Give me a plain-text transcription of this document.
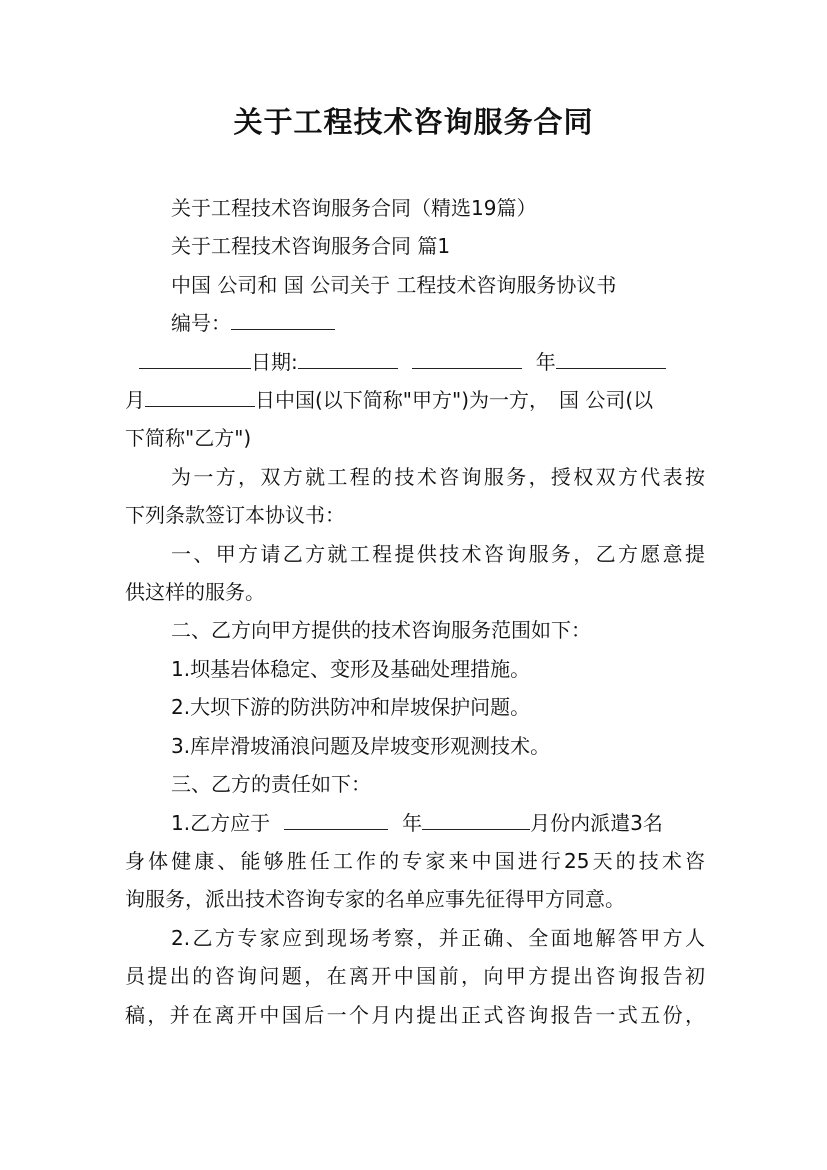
关于工程技术咨询服务合同
关于工程技术咨询服务合同（精选19篇）
关于工程技术咨询服务合同 篇1
中国 公司和 国 公司关于 工程技术咨询服务协议书
编号：
日期:	年
月	日中国(以下简称"甲方")为一方， 国 公司(以
下简称"乙方")
为一方，双方就工程的技术咨询服务，授权双方代表按
下列条款签订本协议书：
一、甲方请乙方就工程提供技术咨询服务，乙方愿意提
供这样的服务。
二、乙方向甲方提供的技术咨询服务范围如下：
1.坝基岩体稳定、变形及基础处理措施。
2.大坝下游的防洪防冲和岸坡保护问题。
3.库岸滑坡涌浪问题及岸坡变形观测技术。
三、乙方的责任如下：
1.乙方应于	年	月份内派遣3名
身体健康、能够胜任工作的专家来中国进行25天的技术咨
询服务，派出技术咨询专家的名单应事先征得甲方同意。
2.乙方专家应到现场考察，并正确、全面地解答甲方人
员提出的咨询问题，在离开中国前，向甲方提出咨询报告初
稿，并在离开中国后一个月内提出正式咨询报告一式五份，
